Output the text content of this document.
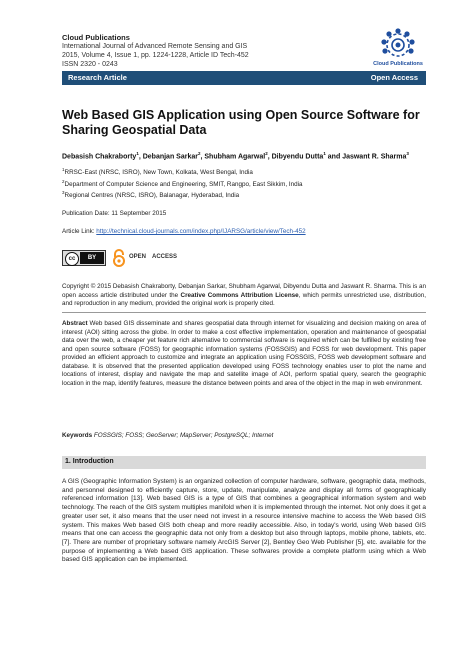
Cloud Publications
International Journal of Advanced Remote Sensing and GIS
2015, Volume 4, Issue 1, pp. 1224-1228, Article ID Tech-452
ISSN 2320 - 0243	Cloud Publications
Research Article	Open Access
Web Based GIS Application using Open Source Software for Sharing Geospatial Data
Debasish Chakraborty$^1$, Debanjan Sarkar$^2$, Shubham Agarwal$^2$, Dibyendu Dutta$^1$ and Jaswant R. Sharma$^3$
$^1$RRSC-East (NRSC, ISRO), New Town, Kolkata, West Bengal, India
$^2$Department of Computer Science and Engineering, SMIT, Rangpo, East Sikkim, India
$^3$Regional Centres (NRSC, ISRO), Balanagar, Hyderabad, India
Publication Date: 11 September 2015
Article Link: http://technical.cloud-journals.com/index.php/IJARSG/article/view/Tech-452
cc	BY	OPEN ACCESS
Copyright © 2015 Debasish Chakraborty, Debanjan Sarkar, Shubham Agarwal, Dibyendu Dutta and Jaswant R. Sharma. This is an open access article distributed under the Creative Commons Attribution License, which permits unrestricted use, distribution, and reproduction in any medium, provided the original work is properly cited.
Abstract Web based GIS disseminate and shares geospatial data through internet for visualizing and decision making on area of interest (AOI) sitting across the globe. In order to make a cost effective implementation, operation and maintenance of geospatial data over the web, a cheaper yet feature rich alternative to commercial software is required which can be fulfilled by existing free and open source software (FOSS) for geographic information systems (FOSSGIS) and FOSS for web development. This paper provided an efficient approach to customize and integrate an application using FOSSGIS, FOSS web development software and database. It is observed that the presented application developed using FOSS technology enables user to plot the name and locations of interest, display and navigate the map and satellite image of AOI, perform spatial query, search the geographic location in the map, identify features, measure the distance between points and area of the object in the map in web environment.
Keywords FOSSGIS; FOSS; GeoServer; MapServer; PostgreSQL; Internet
1. Introduction
A GIS (Geographic Information System) is an organized collection of computer hardware, software, geographic data, methods, and personnel designed to efficiently capture, store, update, manipulate, analyze and display all forms of geographically referenced information [13]. Web based GIS is a type of GIS that combines a geographical information system and web technology. The reach of the GIS system multiples manifold when it is implemented through the internet. Not only does it get a greater user set, it also means that the user need not invest in a resource intensive machine to access the Web based GIS system. This makes Web based GIS both cheap and more readily accessible. Also, in today's world, using Web based GIS means that one can access the geographic data not only from a desktop but also through laptops, mobile phone, tablets, etc. [7]. There are number of proprietary software namely ArcGIS Server [2], Bentley Geo Web Publisher [5], etc. available for the purpose of implementing a Web based GIS application. These softwares provide a complete platform using which a Web based GIS application can be implemented.
